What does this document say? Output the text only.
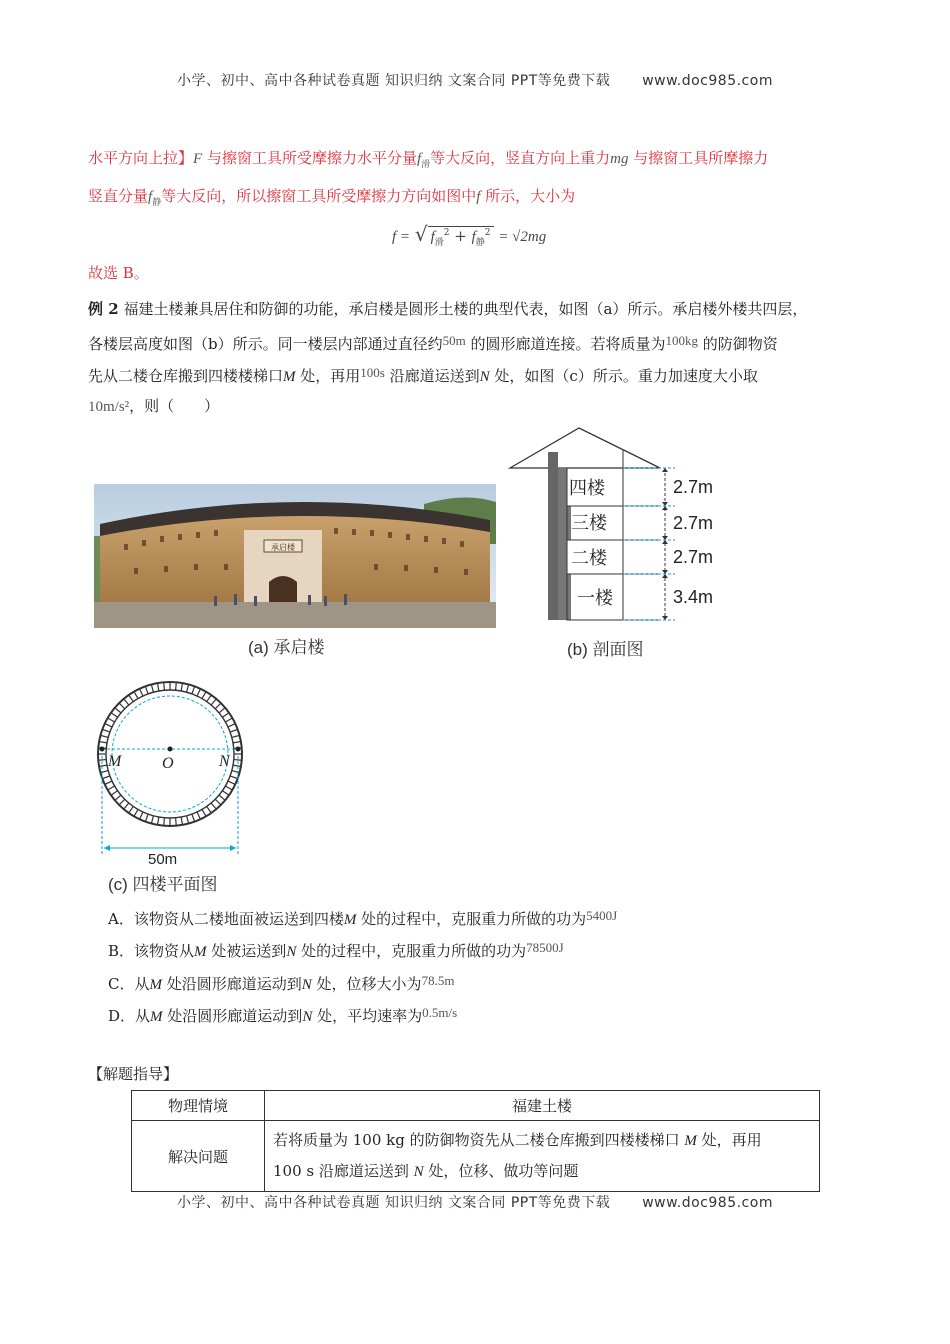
小学、初中、高中各种试卷真题 知识归纳 文案合同 PPT等免费下载 www.doc985.com
水平方向上拉】F 与擦窗工具所受摩擦力水平分量$f_滑$等大反向，竖直方向上重力mg 与擦窗工具所摩擦力
竖直分量$f_静$等大反向，所以擦窗工具所受摩擦力方向如图中f 所示，大小为
f = √ $f_滑^2 + f_静^2 = √2mg$
故选 B。
例 2 福建土楼兼具居住和防御的功能，承启楼是圆形土楼的典型代表，如图（a）所示。承启楼外楼共四层，
各楼层高度如图（b）所示。同一楼层内部通过直径约50m 的圆形廊道连接。若将质量为100kg 的防御物资
先从二楼仓库搬到四楼楼梯口M 处，再用100s 沿廊道运送到N 处，如图（c）所示。重力加速度大小取
10m/s²，则（　　）
承启楼
(a) 承启楼
四楼
三楼
二楼
一楼
2.7m
2.7m
2.7m
3.4m
(b) 剖面图
M	O	N
50m
(c) 四楼平面图
A．该物资从二楼地面被运送到四楼M 处的过程中，克服重力所做的功为5400J
B．该物资从M 处被运送到N 处的过程中，克服重力所做的功为78500J
C．从M 处沿圆形廊道运动到N 处，位移大小为78.5m
D．从M 处沿圆形廊道运动到N 处，平均速率为0.5m/s
【解题指导】
物理情境	福建土楼
解决问题	若将质量为 100 kg 的防御物资先从二楼仓库搬到四楼楼梯口 M 处，再用
100 s 沿廊道运送到 N 处，位移、做功等问题
小学、初中、高中各种试卷真题 知识归纳 文案合同 PPT等免费下载 www.doc985.com
